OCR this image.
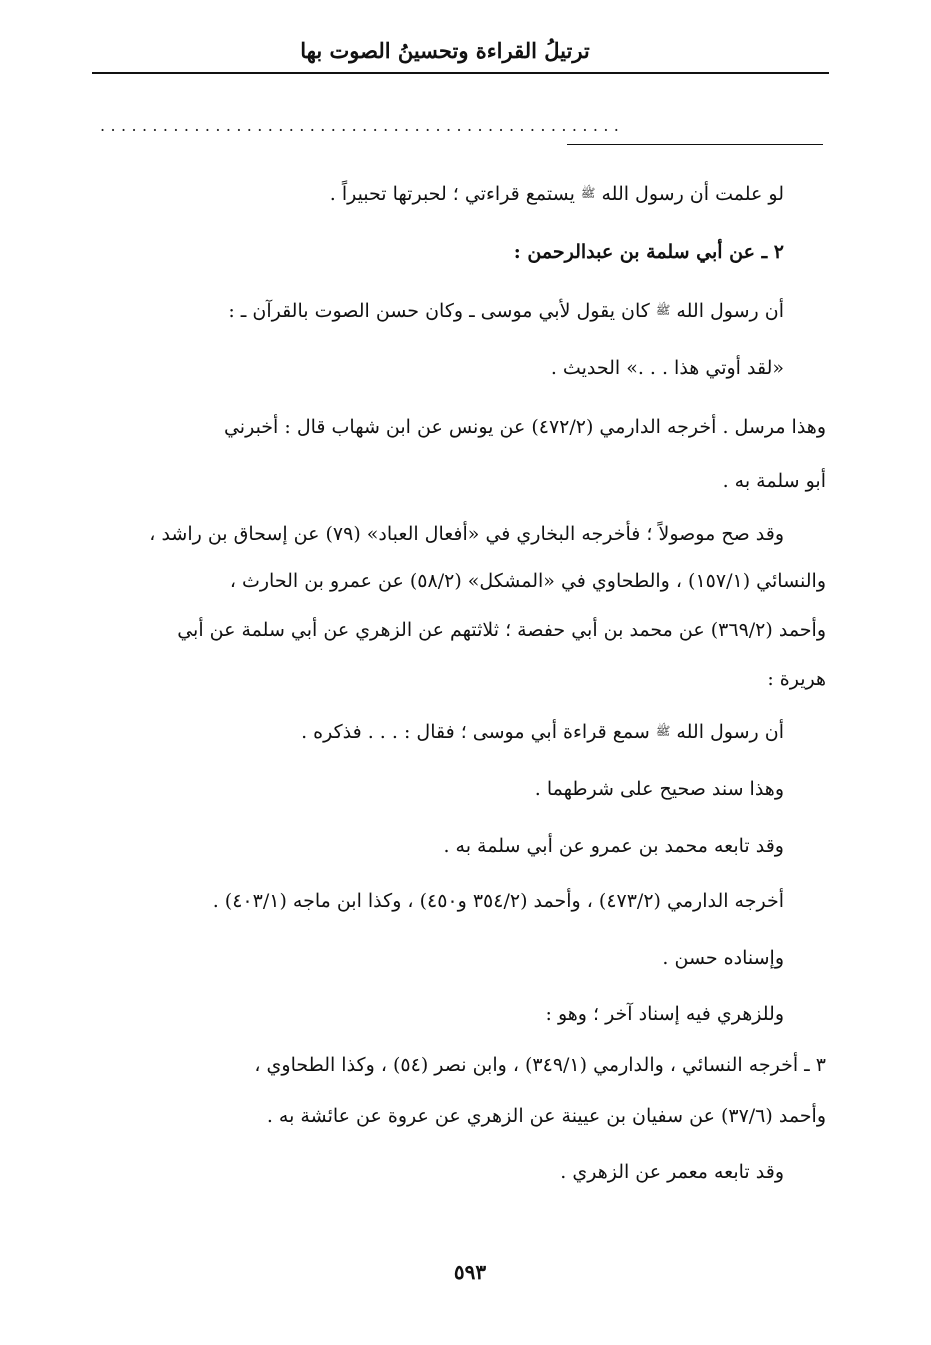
ترتيلُ القراءة وتحسينُ الصوت بها
..................................................
لو علمت أن رسول الله ﷺ يستمع قراءتي ؛ لحبرتها تحبيراً .
٢ ـ عن أبي سلمة بن عبدالرحمن :
أن رسول الله ﷺ كان يقول لأبي موسى ـ وكان حسن الصوت بالقرآن ـ :
«لقد أوتي هذا . . .» الحديث .
وهذا مرسل . أخرجه الدارمي (٤٧٢/٢) عن يونس عن ابن شهاب قال : أخبرني
أبو سلمة به .
وقد صح موصولاً ؛ فأخرجه البخاري في «أفعال العباد» (٧٩) عن إسحاق بن راشد ،
والنسائي (١٥٧/١) ، والطحاوي في «المشكل» (٥٨/٢) عن عمرو بن الحارث ،
وأحمد (٣٦٩/٢) عن محمد بن أبي حفصة ؛ ثلاثتهم عن الزهري عن أبي سلمة عن أبي
هريرة :
أن رسول الله ﷺ سمع قراءة أبي موسى ؛ فقال : . . . فذكره .
وهذا سند صحيح على شرطهما .
وقد تابعه محمد بن عمرو عن أبي سلمة به .
أخرجه الدارمي (٤٧٣/٢) ، وأحمد (٣٥٤/٢ و٤٥٠) ، وكذا ابن ماجه (٤٠٣/١) .
وإسناده حسن .
وللزهري فيه إسناد آخر ؛ وهو :
٣ ـ أخرجه النسائي ، والدارمي (٣٤٩/١) ، وابن نصر (٥٤) ، وكذا الطحاوي ،
وأحمد (٣٧/٦) عن سفيان بن عيينة عن الزهري عن عروة عن عائشة به .
وقد تابعه معمر عن الزهري .
٥٩٣
